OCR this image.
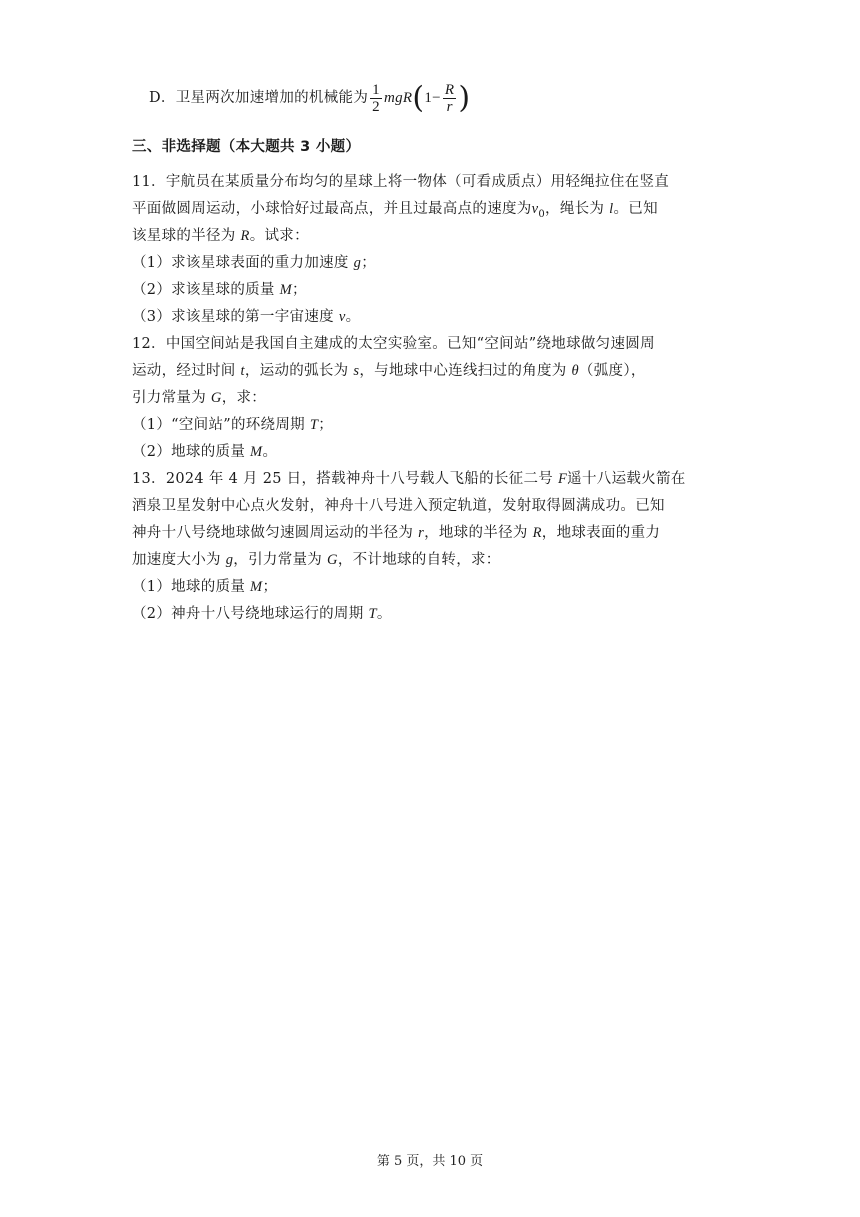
D．卫星两次加速增加的机械能为 $\frac{1}{2} mgR(1- \frac{R}{r}$ )
三、非选择题（本大题共 3 小题）
11．宇航员在某质量分布均匀的星球上将一物体（可看成质点）用轻绳拉住在竖直
平面做圆周运动，小球恰好过最高点，并且过最高点的速度为$v_0$，绳长为 l。已知
该星球的半径为 R。试求：
（1）求该星球表面的重力加速度 g；
（2）求该星球的质量 M；
（3）求该星球的第一宇宙速度 v。
12．中国空间站是我国自主建成的太空实验室。已知“空间站”绕地球做匀速圆周
运动，经过时间 t，运动的弧长为 s，与地球中心连线扫过的角度为 θ（弧度），
引力常量为 G，求：
（1）“空间站”的环绕周期 T；
（2）地球的质量 M。
13．2024 年 4 月 25 日，搭载神舟十八号载人飞船的长征二号 F遥十八运载火箭在
酒泉卫星发射中心点火发射，神舟十八号进入预定轨道，发射取得圆满成功。已知
神舟十八号绕地球做匀速圆周运动的半径为 r，地球的半径为 R，地球表面的重力
加速度大小为 g，引力常量为 G，不计地球的自转，求：
（1）地球的质量 M；
（2）神舟十八号绕地球运行的周期 T。
第 5 页，共 10 页
